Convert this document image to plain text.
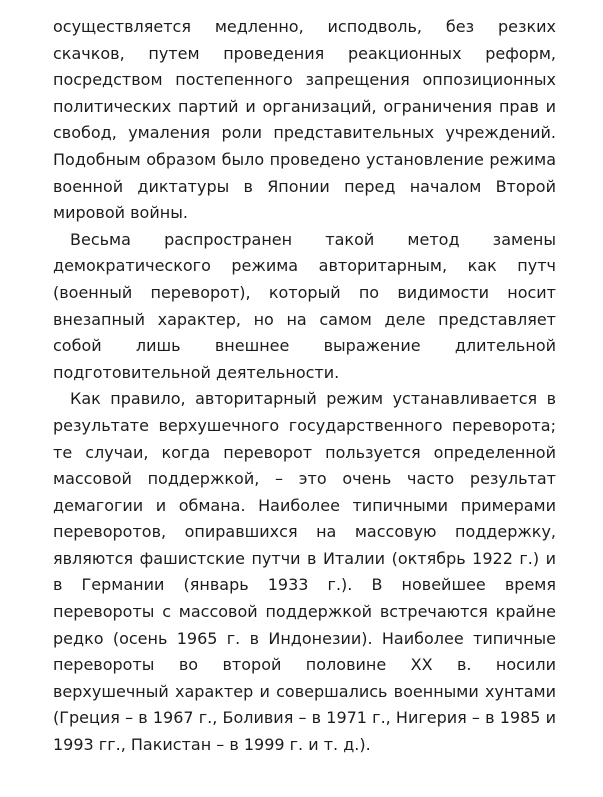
осуществляется медленно, исподволь, без резких скачков, путем проведения реакционных реформ, посредством постепенного запрещения оппозиционных политических партий и организаций, ограничения прав и свобод, умаления роли представительных учреждений. Подобным образом было проведено установление режима военной диктатуры в Японии перед началом Второй мировой войны.

Весьма распространен такой метод замены демократического режима авторитарным, как путч (военный переворот), который по видимости носит внезапный характер, но на самом деле представляет собой лишь внешнее выражение длительной подготовительной деятельности.

Как правило, авторитарный режим устанавливается в результате верхушечного государственного переворота; те случаи, когда переворот пользуется определенной массовой поддержкой, – это очень часто результат демагогии и обмана. Наиболее типичными примерами переворотов, опиравшихся на массовую поддержку, являются фашистские путчи в Италии (октябрь 1922 г.) и в Германии (январь 1933 г.). В новейшее время перевороты с массовой поддержкой встречаются крайне редко (осень 1965 г. в Индонезии). Наиболее типичные перевороты во второй половине XX в. носили верхушечный характер и совершались военными хунтами (Греция – в 1967 г., Боливия – в 1971 г., Нигерия – в 1985 и 1993 гг., Пакистан – в 1999 г. и т. д.).
